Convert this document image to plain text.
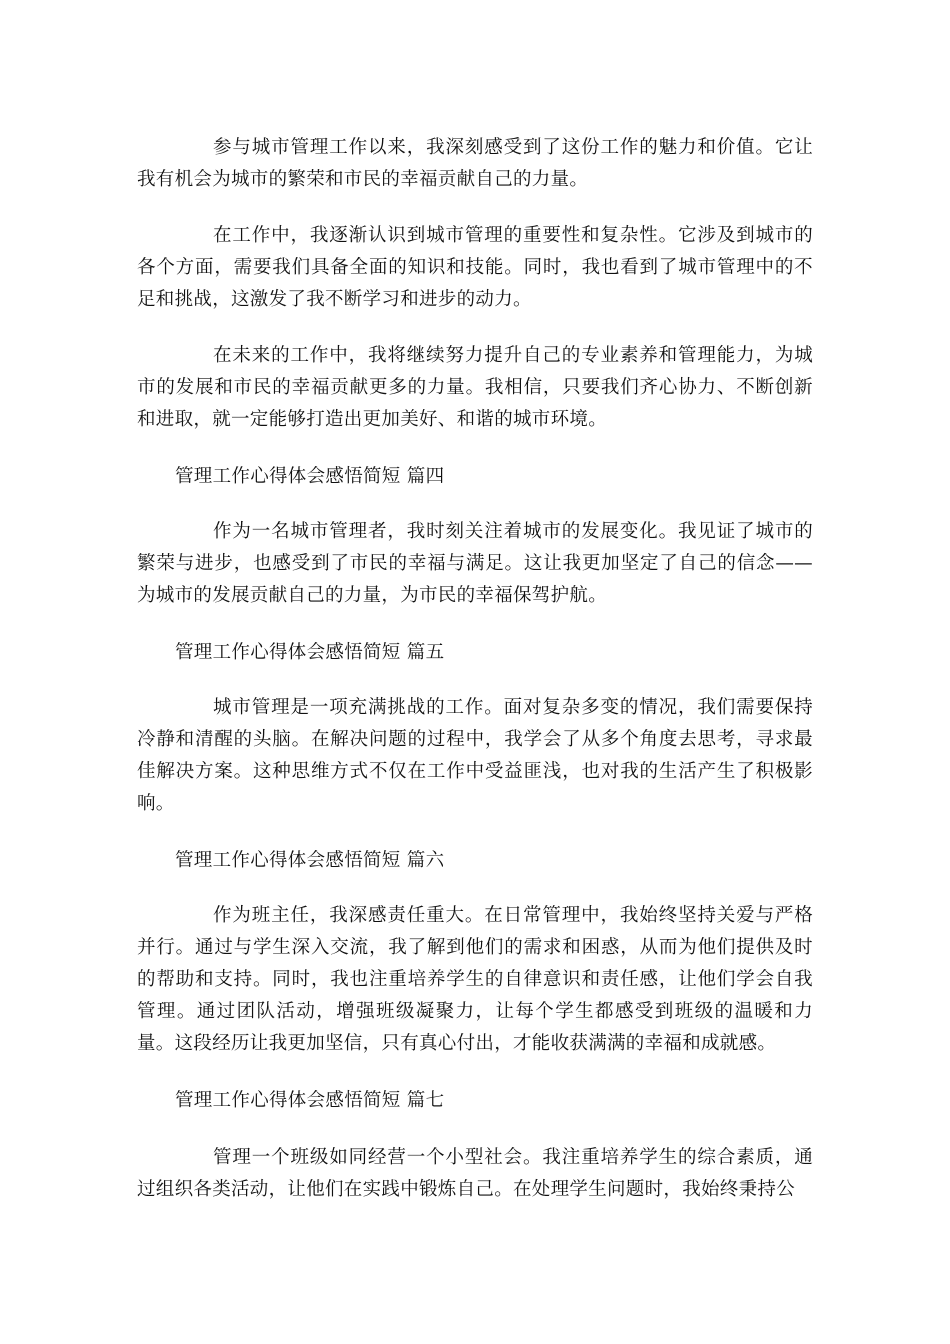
参与城市管理工作以来，我深刻感受到了这份工作的魅力和价值。它让我有机会为城市的繁荣和市民的幸福贡献自己的力量。

在工作中，我逐渐认识到城市管理的重要性和复杂性。它涉及到城市的各个方面，需要我们具备全面的知识和技能。同时，我也看到了城市管理中的不足和挑战，这激发了我不断学习和进步的动力。

在未来的工作中，我将继续努力提升自己的专业素养和管理能力，为城市的发展和市民的幸福贡献更多的力量。我相信，只要我们齐心协力、不断创新和进取，就一定能够打造出更加美好、和谐的城市环境。

管理工作心得体会感悟简短 篇四

作为一名城市管理者，我时刻关注着城市的发展变化。我见证了城市的繁荣与进步，也感受到了市民的幸福与满足。这让我更加坚定了自己的信念——为城市的发展贡献自己的力量，为市民的幸福保驾护航。

管理工作心得体会感悟简短 篇五

城市管理是一项充满挑战的工作。面对复杂多变的情况，我们需要保持冷静和清醒的头脑。在解决问题的过程中，我学会了从多个角度去思考，寻求最佳解决方案。这种思维方式不仅在工作中受益匪浅，也对我的生活产生了积极影响。

管理工作心得体会感悟简短 篇六

作为班主任，我深感责任重大。在日常管理中，我始终坚持关爱与严格并行。通过与学生深入交流，我了解到他们的需求和困惑，从而为他们提供及时的帮助和支持。同时，我也注重培养学生的自律意识和责任感，让他们学会自我管理。通过团队活动，增强班级凝聚力，让每个学生都感受到班级的温暖和力量。这段经历让我更加坚信，只有真心付出，才能收获满满的幸福和成就感。

管理工作心得体会感悟简短 篇七

管理一个班级如同经营一个小型社会。我注重培养学生的综合素质，通过组织各类活动，让他们在实践中锻炼自己。在处理学生问题时，我始终秉持公
